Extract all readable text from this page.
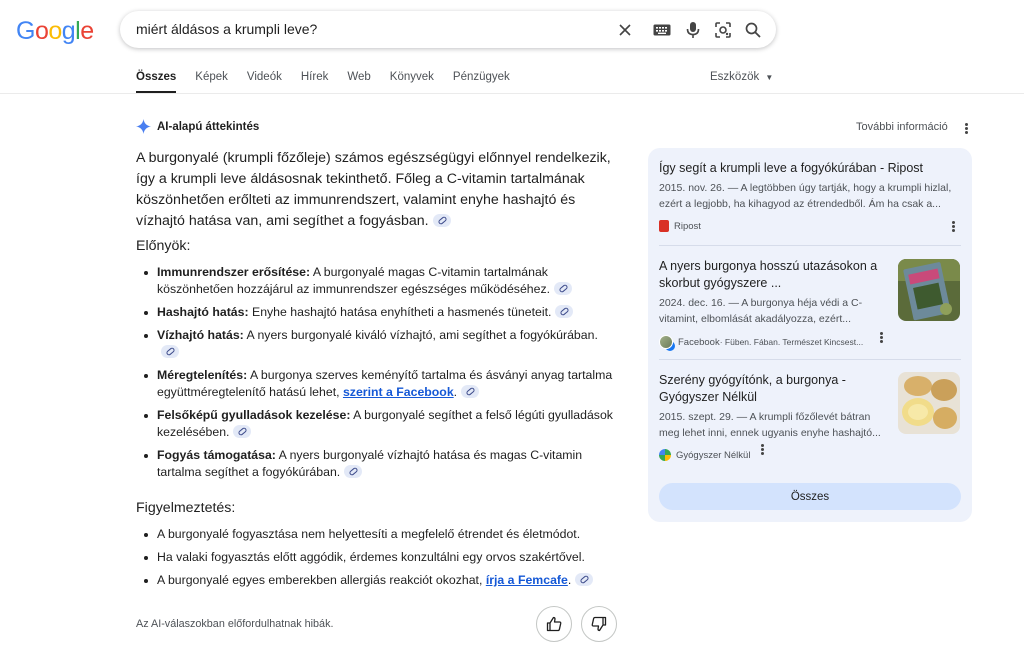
Google	miért áldásos a krumpli leve?
Összes Képek Videók Hírek Web Könyvek Pénzügyek	Eszközök ▼
AI-alapú áttekintés	További információ
A burgonyalé (krumpli főzőleje) számos egészségügyi előnnyel rendelkezik, így a krumpli leve áldásosnak tekinthető. Főleg a C-vitamin tartalmának köszönhetően erőlteti az immunrendszert, valamint enyhe hashajtó és vízhajtó hatása van, ami segíthet a fogyásban.
Előnyök:
Immunrendszer erősítése: A burgonyalé magas C-vitamin tartalmának köszönhetően hozzájárul az immunrendszer egészséges működéséhez.
Hashajtó hatás: Enyhe hashajtó hatása enyhítheti a hasmenés tüneteit.
Vízhajtó hatás: A nyers burgonyalé kiváló vízhajtó, ami segíthet a fogyókúrában.
Méregtelenítés: A burgonya szerves keményítő tartalma és ásványi anyag tartalma együttméregtelenítő hatású lehet, szerint a Facebook.
Felsőképű gyulladások kezelése: A burgonyalé segíthet a felső légúti gyulladások kezelésében.
Fogyás támogatása: A nyers burgonyalé vízhajtó hatása és magas C-vitamin tartalma segíthet a fogyókúrában.
Figyelmeztetés:
A burgonyalé fogyasztása nem helyettesíti a megfelelő étrendet és életmódot.
Ha valaki fogyasztás előtt aggódik, érdemes konzultálni egy orvos szakértővel.
A burgonyalé egyes emberekben allergiás reakciót okozhat, írja a Femcafe.
Az AI-válaszokban előfordulhatnak hibák.
Így segít a krumpli leve a fogyókúrában - Ripost
2015. nov. 26. — A legtöbben úgy tartják, hogy a krumpli hizlal, ezért a legjobb, ha kihagyod az étrendedből. Ám ha csak a...
Ripost
A nyers burgonya hosszú utazásokon a skorbut gyógyszere ...
2024. dec. 16. — A burgonya héja védi a C-vitamint, elbomlását akadályozza, ezért...
Facebook · Füben. Fában. Természet Kincsest...
Szerény gyógyítónk, a burgonya - Gyógyszer Nélkül
2015. szept. 29. — A krumpli főzőlevét bátran meg lehet inni, ennek ugyanis enyhe hashajtó...
Gyógyszer Nélkül
Összes
